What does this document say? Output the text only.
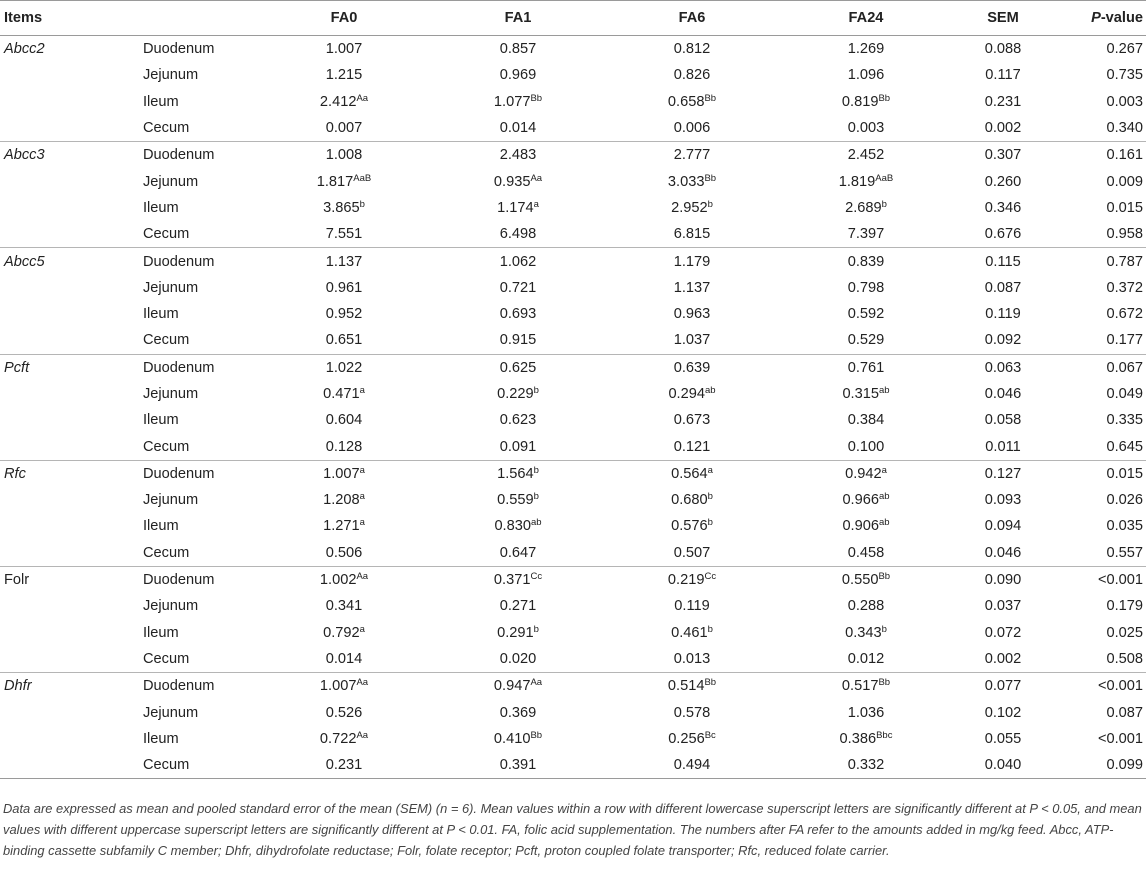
Items		FA0	FA1	FA6	FA24	SEM	P-value
Abcc2	Duodenum	1.007	0.857	0.812	1.269	0.088	0.267
	Jejunum	1.215	0.969	0.826	1.096	0.117	0.735
	Ileum	$2.412^{Aa}$	$1.077^{Bb}$	$0.658^{Bb}$	$0.819^{Bb}$	0.231	0.003
	Cecum	0.007	0.014	0.006	0.003	0.002	0.340
Abcc3	Duodenum	1.008	2.483	2.777	2.452	0.307	0.161
	Jejunum	$1.817^{AaB}$	$0.935^{Aa}$	$3.033^{Bb}$	$1.819^{AaB}$	0.260	0.009
	Ileum	3.865$^b$	1.174$^a$	2.952$^b$	2.689$^b$	0.346	0.015
	Cecum	7.551	6.498	6.815	7.397	0.676	0.958
Abcc5	Duodenum	1.137	1.062	1.179	0.839	0.115	0.787
	Jejunum	0.961	0.721	1.137	0.798	0.087	0.372
	Ileum	0.952	0.693	0.963	0.592	0.119	0.672
	Cecum	0.651	0.915	1.037	0.529	0.092	0.177
Pcft	Duodenum	1.022	0.625	0.639	0.761	0.063	0.067
	Jejunum	0.471$^a$	0.229$^b$	0.294$^{ab}$	0.315$^{ab}$	0.046	0.049
	Ileum	0.604	0.623	0.673	0.384	0.058	0.335
	Cecum	0.128	0.091	0.121	0.100	0.011	0.645
Rfc	Duodenum	1.007$^a$	1.564$^b$	0.564$^a$	0.942$^a$	0.127	0.015
	Jejunum	1.208$^a$	0.559$^b$	0.680$^b$	0.966$^{ab}$	0.093	0.026
	Ileum	1.271$^a$	0.830$^{ab}$	0.576$^b$	0.906$^{ab}$	0.094	0.035
	Cecum	0.506	0.647	0.507	0.458	0.046	0.557
Folr	Duodenum	$1.002^{Aa}$	$0.371^{Cc}$	$0.219^{Cc}$	$0.550^{Bb}$	0.090	<0.001
	Jejunum	0.341	0.271	0.119	0.288	0.037	0.179
	Ileum	0.792$^a$	0.291$^b$	0.461$^b$	0.343$^b$	0.072	0.025
	Cecum	0.014	0.020	0.013	0.012	0.002	0.508
Dhfr	Duodenum	$1.007^{Aa}$	$0.947^{Aa}$	$0.514^{Bb}$	$0.517^{Bb}$	0.077	<0.001
	Jejunum	0.526	0.369	0.578	1.036	0.102	0.087
	Ileum	$0.722^{Aa}$	$0.410^{Bb}$	$0.256^{Bc}$	$0.386^{Bbc}$	0.055	<0.001
	Cecum	0.231	0.391	0.494	0.332	0.040	0.099
Data are expressed as mean and pooled standard error of the mean (SEM) (n = 6). Mean values within a row with different lowercase superscript letters are significantly different at P < 0.05, and mean values with different uppercase superscript letters are significantly different at P < 0.01. FA, folic acid supplementation. The numbers after FA refer to the amounts added in mg/kg feed. Abcc, ATP-binding cassette subfamily C member; Dhfr, dihydrofolate reductase; Folr, folate receptor; Pcft, proton coupled folate transporter; Rfc, reduced folate carrier.
